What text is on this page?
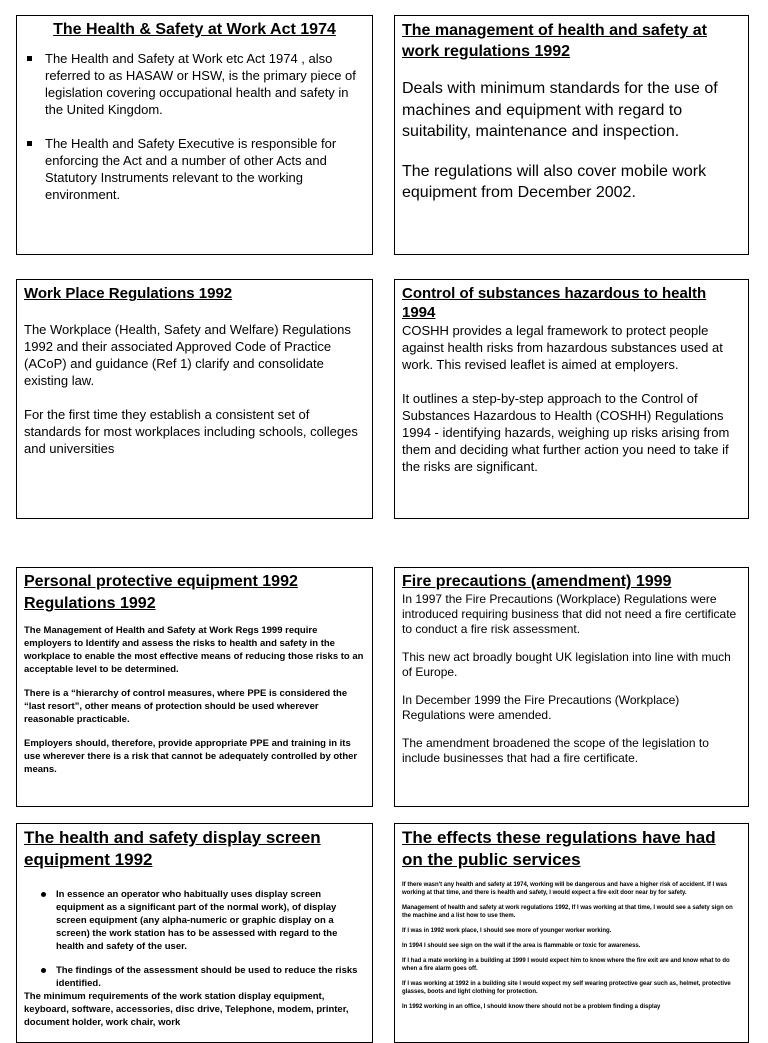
The Health & Safety at Work Act 1974
The Health and Safety at Work etc Act 1974 , also referred to as HASAW or HSW, is the primary piece of legislation covering occupational health and safety in the United Kingdom.
The Health and Safety Executive is responsible for enforcing the Act and a number of other Acts and Statutory Instruments relevant to the working environment.
The management of health and safety at work regulations 1992

Deals with minimum standards for the use of machines and equipment with regard to suitability, maintenance and inspection.

The regulations will also cover mobile work equipment from December 2002.

Work Place Regulations 1992

The Workplace (Health, Safety and Welfare) Regulations 1992 and their associated Approved Code of Practice (ACoP) and guidance (Ref 1) clarify and consolidate existing law.

For the first time they establish a consistent set of standards for most workplaces including schools, colleges and universities

Control of substances hazardous to health 1994

COSHH provides a legal framework to protect people against health risks from hazardous substances used at work. This revised leaflet is aimed at employers.

It outlines a step-by-step approach to the Control of Substances Hazardous to Health (COSHH) Regulations 1994 - identifying hazards, weighing up risks arising from them and deciding what further action you need to take if the risks are significant.

Personal protective equipment 1992 Regulations 1992

The Management of Health and Safety at Work Regs 1999 require employers to Identify and assess the risks to health and safety in the workplace to enable the most effective means of reducing those risks to an acceptable level to be determined.

There is a “hierarchy of control measures, where PPE is considered the “last resort”, other means of protection should be used wherever reasonable practicable.

Employers should, therefore, provide appropriate PPE and training in its use wherever there is a risk that cannot be adequately controlled by other means.

Fire precautions (amendment) 1999

In 1997 the Fire Precautions (Workplace) Regulations were introduced requiring business that did not need a fire certificate to conduct a fire risk assessment.

This new act broadly bought UK legislation into line with much of Europe.

In December 1999 the Fire Precautions (Workplace) Regulations were amended.

The amendment broadened the scope of the legislation to include businesses that had a fire certificate.

The health and safety display screen equipment 1992
In essence an operator who habitually uses display screen equipment as a significant part of the normal work), of display screen equipment (any alpha-numeric or graphic display on a screen) the work station has to be assessed with regard to the health and safety of the user.
The findings of the assessment should be used to reduce the risks identified.

The minimum requirements of the work station display equipment, keyboard, software, accessories, disc drive, Telephone, modem, printer, document holder, work chair, work

The effects these regulations have had on the public services

If there wasn't any health and safety at 1974, working will be dangerous and have a higher risk of accident. If I was working at that time, and there is health and safety, I would expect a fire exit door near by for safety.

Management of health and safety at work regulations 1992, If I was working at that time, I would see a safety sign on the machine and a list how to use them.

If I was in 1992 work place, I should see more of younger worker working.

In 1994 I should see sign on the wall if the area is flammable or toxic for awareness.

If I had a mate working in a building at 1999 I would expect him to know where the fire exit are and know what to do when a fire alarm goes off.

If I was working at 1992 in a building site I would expect my self wearing protective gear such as, helmet, protective glasses, boots and light clothing for protection.

In 1992 working in an office, I should know there should not be a problem finding a display
